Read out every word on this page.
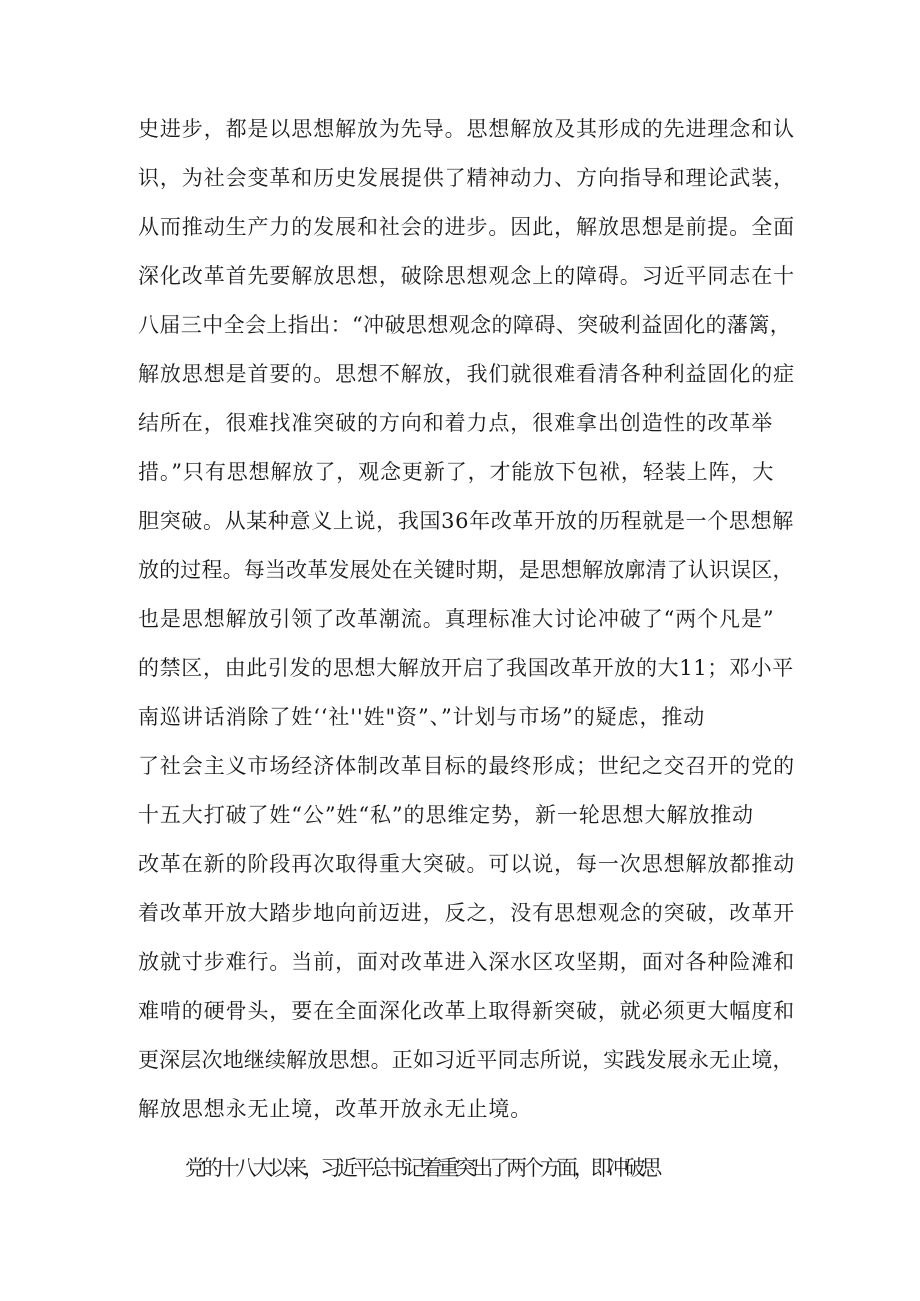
史进步，都是以思想解放为先导。思想解放及其形成的先进理念和认
识，为社会变革和历史发展提供了精神动力、方向指导和理论武装，
从而推动生产力的发展和社会的进步。因此，解放思想是前提。全面
深化改革首先要解放思想，破除思想观念上的障碍。习近平同志在十
八届三中全会上指出：“冲破思想观念的障碍、突破利益固化的藩篱，
解放思想是首要的。思想不解放，我们就很难看清各种利益固化的症
结所在，很难找准突破的方向和着力点，很难拿出创造性的改革举
措。”只有思想解放了，观念更新了，才能放下包袱，轻装上阵，大
胆突破。从某种意义上说，我国36年改革开放的历程就是一个思想解
放的过程。每当改革发展处在关键时期，是思想解放廓清了认识误区，
也是思想解放引领了改革潮流。真理标准大讨论冲破了“两个凡是”
的禁区，由此引发的思想大解放开启了我国改革开放的大11；邓小平
南巡讲话消除了姓‘‘社''姓"资”、”计划与市场”的疑虑，推动
了社会主义市场经济体制改革目标的最终形成；世纪之交召开的党的
十五大打破了姓“公”姓“私”的思维定势，新一轮思想大解放推动
改革在新的阶段再次取得重大突破。可以说，每一次思想解放都推动
着改革开放大踏步地向前迈进，反之，没有思想观念的突破，改革开
放就寸步难行。当前，面对改革进入深水区攻坚期，面对各种险滩和
难啃的硬骨头，要在全面深化改革上取得新突破，就必须更大幅度和
更深层次地继续解放思想。正如习近平同志所说，实践发展永无止境，
解放思想永无止境，改革开放永无止境。
党的十八大以来，习近平总书记着重突出了两个方面，即冲破思
